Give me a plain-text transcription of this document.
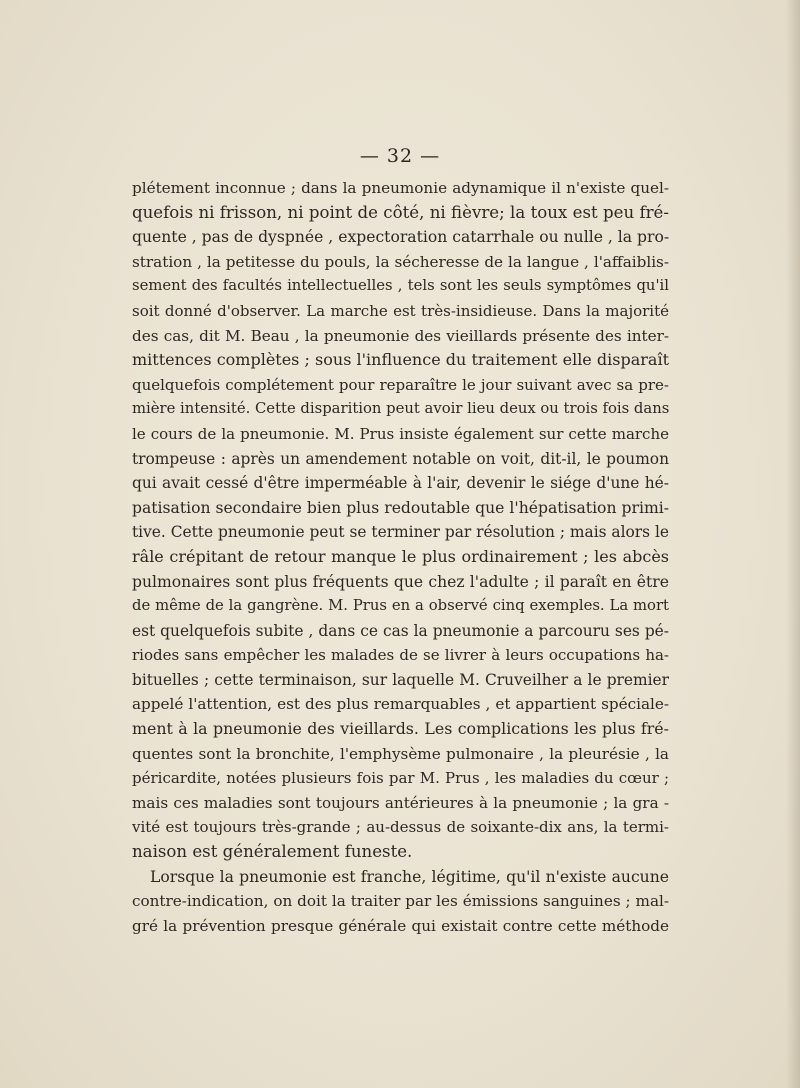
— 32 —
plétement inconnue ; dans la pneumonie adynamique il n'existe quel-
quefois ni frisson, ni point de côté, ni fièvre; la toux est peu fré-
quente , pas de dyspnée , expectoration catarrhale ou nulle , la pro-
stration , la petitesse du pouls, la sécheresse de la langue , l'affaiblis-
sement des facultés intellectuelles , tels sont les seuls symptômes qu'il
soit donné d'observer. La marche est très-insidieuse. Dans la majorité
des cas, dit M. Beau , la pneumonie des vieillards présente des inter-
mittences complètes ; sous l'influence du traitement elle disparaît
quelquefois complétement pour reparaître le jour suivant avec sa pre-
mière intensité. Cette disparition peut avoir lieu deux ou trois fois dans
le cours de la pneumonie. M. Prus insiste également sur cette marche
trompeuse : après un amendement notable on voit, dit-il, le poumon
qui avait cessé d'être imperméable à l'air, devenir le siége d'une hé-
patisation secondaire bien plus redoutable que l'hépatisation primi-
tive. Cette pneumonie peut se terminer par résolution ; mais alors le
râle crépitant de retour manque le plus ordinairement ; les abcès
pulmonaires sont plus fréquents que chez l'adulte ; il paraît en être
de même de la gangrène. M. Prus en a observé cinq exemples. La mort
est quelquefois subite , dans ce cas la pneumonie a parcouru ses pé-
riodes sans empêcher les malades de se livrer à leurs occupations ha-
bituelles ; cette terminaison, sur laquelle M. Cruveilher a le premier
appelé l'attention, est des plus remarquables , et appartient spéciale-
ment à la pneumonie des vieillards. Les complications les plus fré-
quentes sont la bronchite, l'emphysème pulmonaire , la pleurésie , la
péricardite, notées plusieurs fois par M. Prus , les maladies du cœur ;
mais ces maladies sont toujours antérieures à la pneumonie ; la gra -
vité est toujours très-grande ; au-dessus de soixante-dix ans, la termi-
naison est généralement funeste.
Lorsque la pneumonie est franche, légitime, qu'il n'existe aucune
contre-indication, on doit la traiter par les émissions sanguines ; mal-
gré la prévention presque générale qui existait contre cette méthode
